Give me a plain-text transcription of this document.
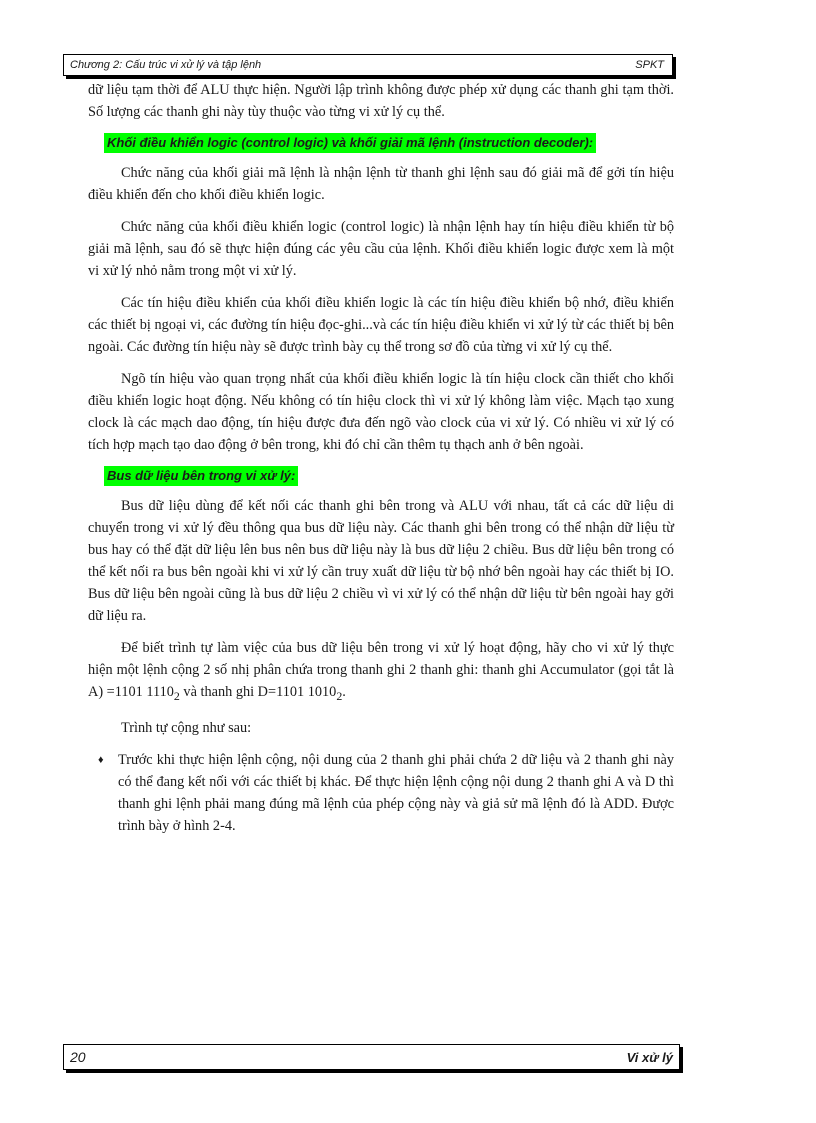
Chương 2: Cấu trúc vi xử lý và tập lệnh	SPKT

dữ liệu tạm thời để ALU thực hiện. Người lập trình không được phép xử dụng các thanh ghi tạm thời. Số lượng các thanh ghi này tùy thuộc vào từng vi xử lý cụ thể.

Khối điều khiển logic (control logic) và khối giải mã lệnh (instruction decoder):

Chức năng của khối giải mã lệnh là nhận lệnh từ thanh ghi lệnh sau đó giải mã để gởi tín hiệu điều khiển đến cho khối điều khiển logic.

Chức năng của khối điều khiển logic (control logic) là nhận lệnh hay tín hiệu điều khiển từ bộ giải mã lệnh, sau đó sẽ thực hiện đúng các yêu cầu của lệnh. Khối điều khiển logic được xem là một vi xử lý nhỏ nằm trong một vi xử lý.

Các tín hiệu điều khiển của khối điều khiển logic là các tín hiệu điều khiển bộ nhớ, điều khiển các thiết bị ngoại vi, các đường tín hiệu đọc-ghi...và các tín hiệu điều khiển vi xử lý từ các thiết bị bên ngoài. Các đường tín hiệu này sẽ được trình bày cụ thể trong sơ đồ của từng vi xử lý cụ thể.

Ngõ tín hiệu vào quan trọng nhất của khối điều khiển logic là tín hiệu clock cần thiết cho khối điều khiển logic hoạt động. Nếu không có tín hiệu clock thì vi xử lý không làm việc. Mạch tạo xung clock là các mạch dao động, tín hiệu được đưa đến ngõ vào clock của vi xử lý. Có nhiều vi xử lý có tích hợp mạch tạo dao động ở bên trong, khi đó chỉ cần thêm tụ thạch anh ở bên ngoài.

Bus dữ liệu bên trong vi xử lý:

Bus dữ liệu dùng để kết nối các thanh ghi bên trong và ALU với nhau, tất cả các dữ liệu di chuyển trong vi xử lý đều thông qua bus dữ liệu này. Các thanh ghi bên trong có thể nhận dữ liệu từ bus hay có thể đặt dữ liệu lên bus nên bus dữ liệu này là bus dữ liệu 2 chiều. Bus dữ liệu bên trong có thể kết nối ra bus bên ngoài khi vi xử lý cần truy xuất dữ liệu từ bộ nhớ bên ngoài hay các thiết bị IO. Bus dữ liệu bên ngoài cũng là bus dữ liệu 2 chiều vì vi xử lý có thể nhận dữ liệu từ bên ngoài hay gởi dữ liệu ra.

Để biết trình tự làm việc của bus dữ liệu bên trong vi xử lý hoạt động, hãy cho vi xử lý thực hiện một lệnh cộng 2 số nhị phân chứa trong thanh ghi 2 thanh ghi: thanh ghi Accumulator (gọi tắt là A) =1101 $1110_2$ và thanh ghi D=1101 $1010_2$.

Trình tự cộng như sau:

♦	Trước khi thực hiện lệnh cộng, nội dung của 2 thanh ghi phải chứa 2 dữ liệu và 2 thanh ghi này có thể đang kết nối với các thiết bị khác. Để thực hiện lệnh cộng nội dung 2 thanh ghi A và D thì thanh ghi lệnh phải mang đúng mã lệnh của phép cộng này và giả sử mã lệnh đó là ADD. Được trình bày ở hình 2-4.
20	Vi xử lý
